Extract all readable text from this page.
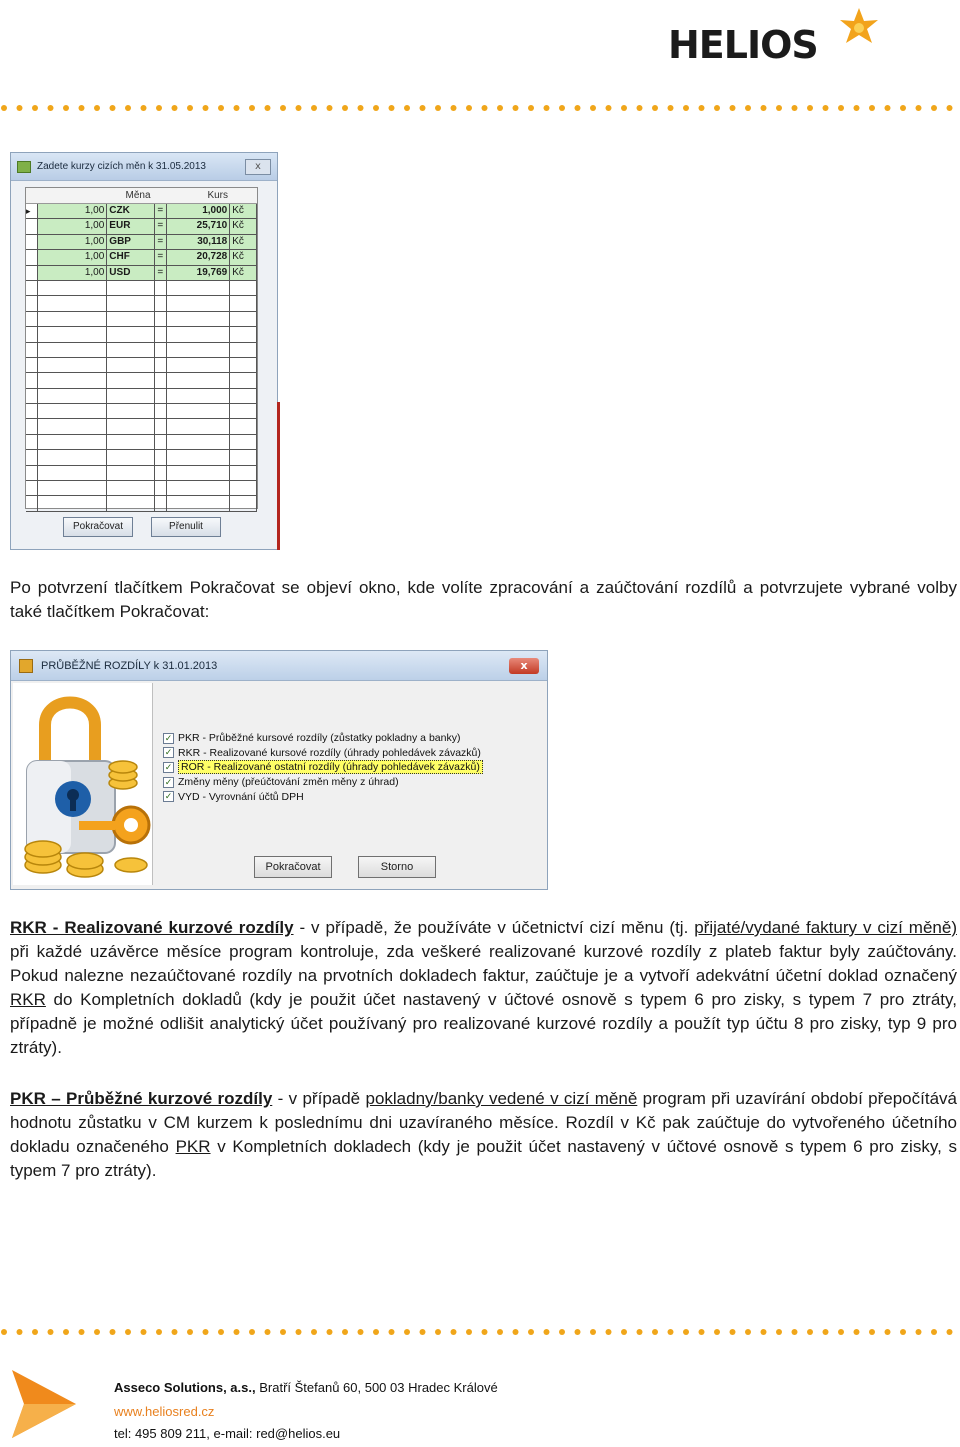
HELIOS
Zadete kurzy cizích měn k 31.05.2013	x
Měna	Kurs
▸	1,00 CZK	=	1,000 Kč
1,00 EUR	=	25,710 Kč
1,00 GBP	=	30,118 Kč
1,00 CHF	=	20,728 Kč
1,00 USD	=	19,769 Kč
Pokračovat	Přenulit

Po potvrzení tlačítkem Pokračovat se objeví okno, kde volíte zpracování a zaúčtování rozdílů a potvrzujete vybrané volby také tlačítkem Pokračovat:

PRŮBĚŽNÉ ROZDÍLY k 31.01.2013	x
✓ PKR - Průběžné kursové rozdíly (zůstatky pokladny a banky)
✓ RKR - Realizované kursové rozdíly (úhrady pohledávek závazků)
✓ ROR - Realizované ostatní rozdíly (úhrady pohledávek závazků)
✓ Změny měny (přeúčtování změn měny z úhrad)
✓ VYD - Vyrovnání účtů DPH
Pokračovat	Storno

RKR - Realizované kurzové rozdíly - v případě, že používáte v účetnictví cizí měnu (tj. přijaté/vydané faktury v cizí měně) při každé uzávěrce měsíce program kontroluje, zda veškeré realizované kurzové rozdíly z plateb faktur byly zaúčtovány. Pokud nalezne nezaúčtované rozdíly na prvotních dokladech faktur, zaúčtuje je a vytvoří adekvátní účetní doklad označený RKR do Kompletních dokladů (kdy je použit účet nastavený v účtové osnově s typem 6 pro zisky, s typem 7 pro ztráty, případně je možné odlišit analytický účet používaný pro realizované kurzové rozdíly a použít typ účtu 8 pro zisky, typ 9 pro ztráty).

PKR – Průběžné kurzové rozdíly - v případě pokladny/banky vedené v cizí měně program při uzavírání období přepočítává hodnotu zůstatku v CM kurzem k poslednímu dni uzavíraného měsíce. Rozdíl v Kč pak zaúčtuje do vytvořeného účetního dokladu označeného PKR v Kompletních dokladech (kdy je použit účet nastavený v účtové osnově s typem 6 pro zisky, s typem 7 pro ztráty).

Asseco Solutions, a.s., Bratří Štefanů 60, 500 03 Hradec Králové
www.heliosred.cz
tel: 495 809 211, e-mail: red@helios.eu
